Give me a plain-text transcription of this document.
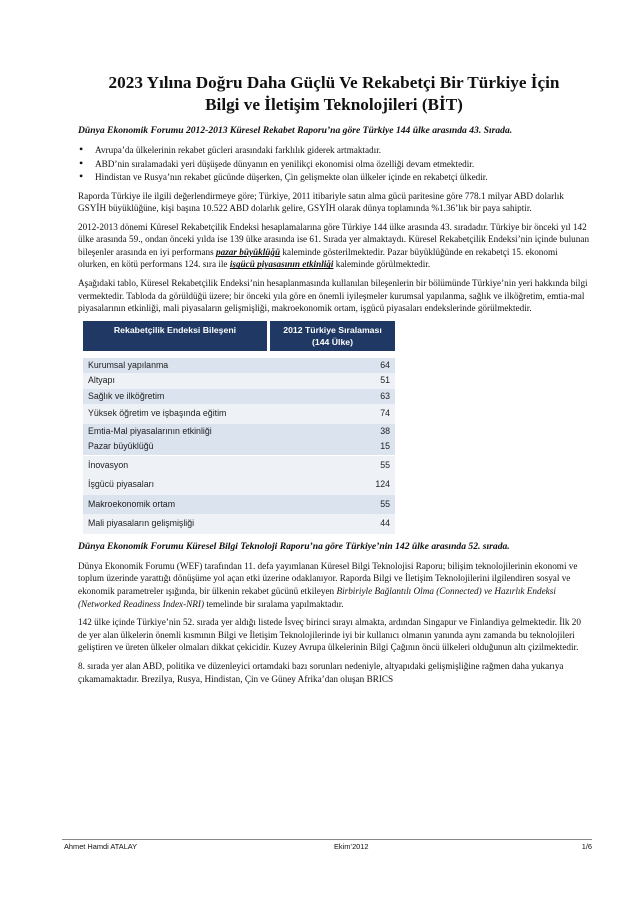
2023 Yılına Doğru Daha Güçlü Ve Rekabetçi Bir Türkiye İçin
Bilgi ve İletişim Teknolojileri (BİT)
Dünya Ekonomik Forumu 2012-2013 Küresel Rekabet Raporu’na göre Türkiye 144 ülke arasında 43. Sırada.
• Avrupa’da ülkelerinin rekabet gücleri arasındaki farklılık giderek artmaktadır.
• ABD’nin sıralamadaki yeri düşüşede dünyanın en yenilikçi ekonomisi olma özelliği devam etmektedir.
• Hindistan ve Rusya’nın rekabet gücünde düşerken, Çin gelişmekte olan ülkeler içinde en rekabetçi ülkedir.

Raporda Türkiye ile ilgili değerlendirmeye göre; Türkiye, 2011 itibariyle satın alma gücü paritesine göre 778.1 milyar ABD dolarlık GSYİH büyüklüğüne, kişi başına 10.522 ABD dolarlık gelire, GSYİH olarak dünya toplamında %1.36’lık bir paya sahiptir.

2012-2013 dönemi Küresel Rekabetçilik Endeksi hesaplamalarına göre Türkiye 144 ülke arasında 43. sıradadır. Türkiye bir önceki yıl 142 ülke arasında 59., ondan önceki yılda ise 139 ülke arasında ise 61. Sırada yer almaktaydı. Küresel Rekabetçilik Endeksi’nin içinde bulunan bileşenler arasında en iyi performans pazar büyüklüğü kaleminde gösterilmektedir. Pazar büyüklüğünde en rekabetçi 15. ekonomi olurken, en kötü performans 124. sıra ile işgücü piyasasının etkinliği kaleminde görülmektedir.

Aşağıdaki tablo, Küresel Rekabetçilik Endeksi’nin hesaplanmasında kullanılan bileşenlerin bir bölümünde Türkiye’nin yeri hakkında bilgi vermektedir. Tabloda da görüldüğü üzere; bir önceki yıla göre en önemli iyileşmeler kurumsal yapılanma, sağlık ve ilköğretim, emtia-mal piyasalarının etkinliği, mali piyasaların gelişmişliği, makroekonomik ortam, işgücü piyasaları endekslerinde görülmektedir.

Rekabetçilik Endeksi Bileşeni	2012 Türkiye Sıralaması
(144 Ülke)

Kurumsal yapılanma	64
Altyapı	51
Sağlık ve ilköğretim	63
Yüksek öğretim ve işbaşında eğitim	74
Emtia-Mal piyasalarının etkinliği	38
Pazar büyüklüğü	15
İnovasyon	55
İşgücü piyasaları	124
Makroekonomik ortam	55
Mali piyasaların gelişmişliği	44
Dünya Ekonomik Forumu Küresel Bilgi Teknoloji Raporu’na göre Türkiye’nin 142 ülke arasında 52. sırada.

Dünya Ekonomik Forumu (WEF) tarafından 11. defa yayımlanan Küresel Bilgi Teknolojisi Raporu; bilişim teknolojilerinin ekonomi ve toplum üzerinde yarattığı dönüşüme yol açan etki üzerine odaklanıyor. Raporda Bilgi ve İletişim Teknolojilerini ilgilendiren sosyal ve ekonomik parametreler ışığında, bir ülkenin rekabet gücünü etkileyen Birbiriyle Bağlantılı Olma (Connected) ve Hazırlık Endeksi (Networked Readiness Index-NRI) temelinde bir sıralama yapılmaktadır.

142 ülke içinde Türkiye’nin 52. sırada yer aldığı listede İsveç birinci sırayı almakta, ardından Singapur ve Finlandiya gelmektedir. İlk 20 de yer alan ülkelerin önemli kısmının Bilgi ve İletişim Teknolojilerinde iyi bir kullanıcı olmanın yanında aynı zamanda bu teknolojileri geliştiren ve üreten ülkeler olmaları dikkat çekicidir. Kuzey Avrupa ülkelerinin Bilgi Çağının öncü ülkeleri olduğunun altı çizilmektedir.

8. sırada yer alan ABD, politika ve düzenleyici ortamdaki bazı sorunları nedeniyle, altyapıdaki gelişmişliğine rağmen daha yukarıya çıkamamaktadır. Brezilya, Rusya, Hindistan, Çin ve Güney Afrika’dan oluşan BRICS

Ahmet Hamdi ATALAY	Ekim’2012	1/6
